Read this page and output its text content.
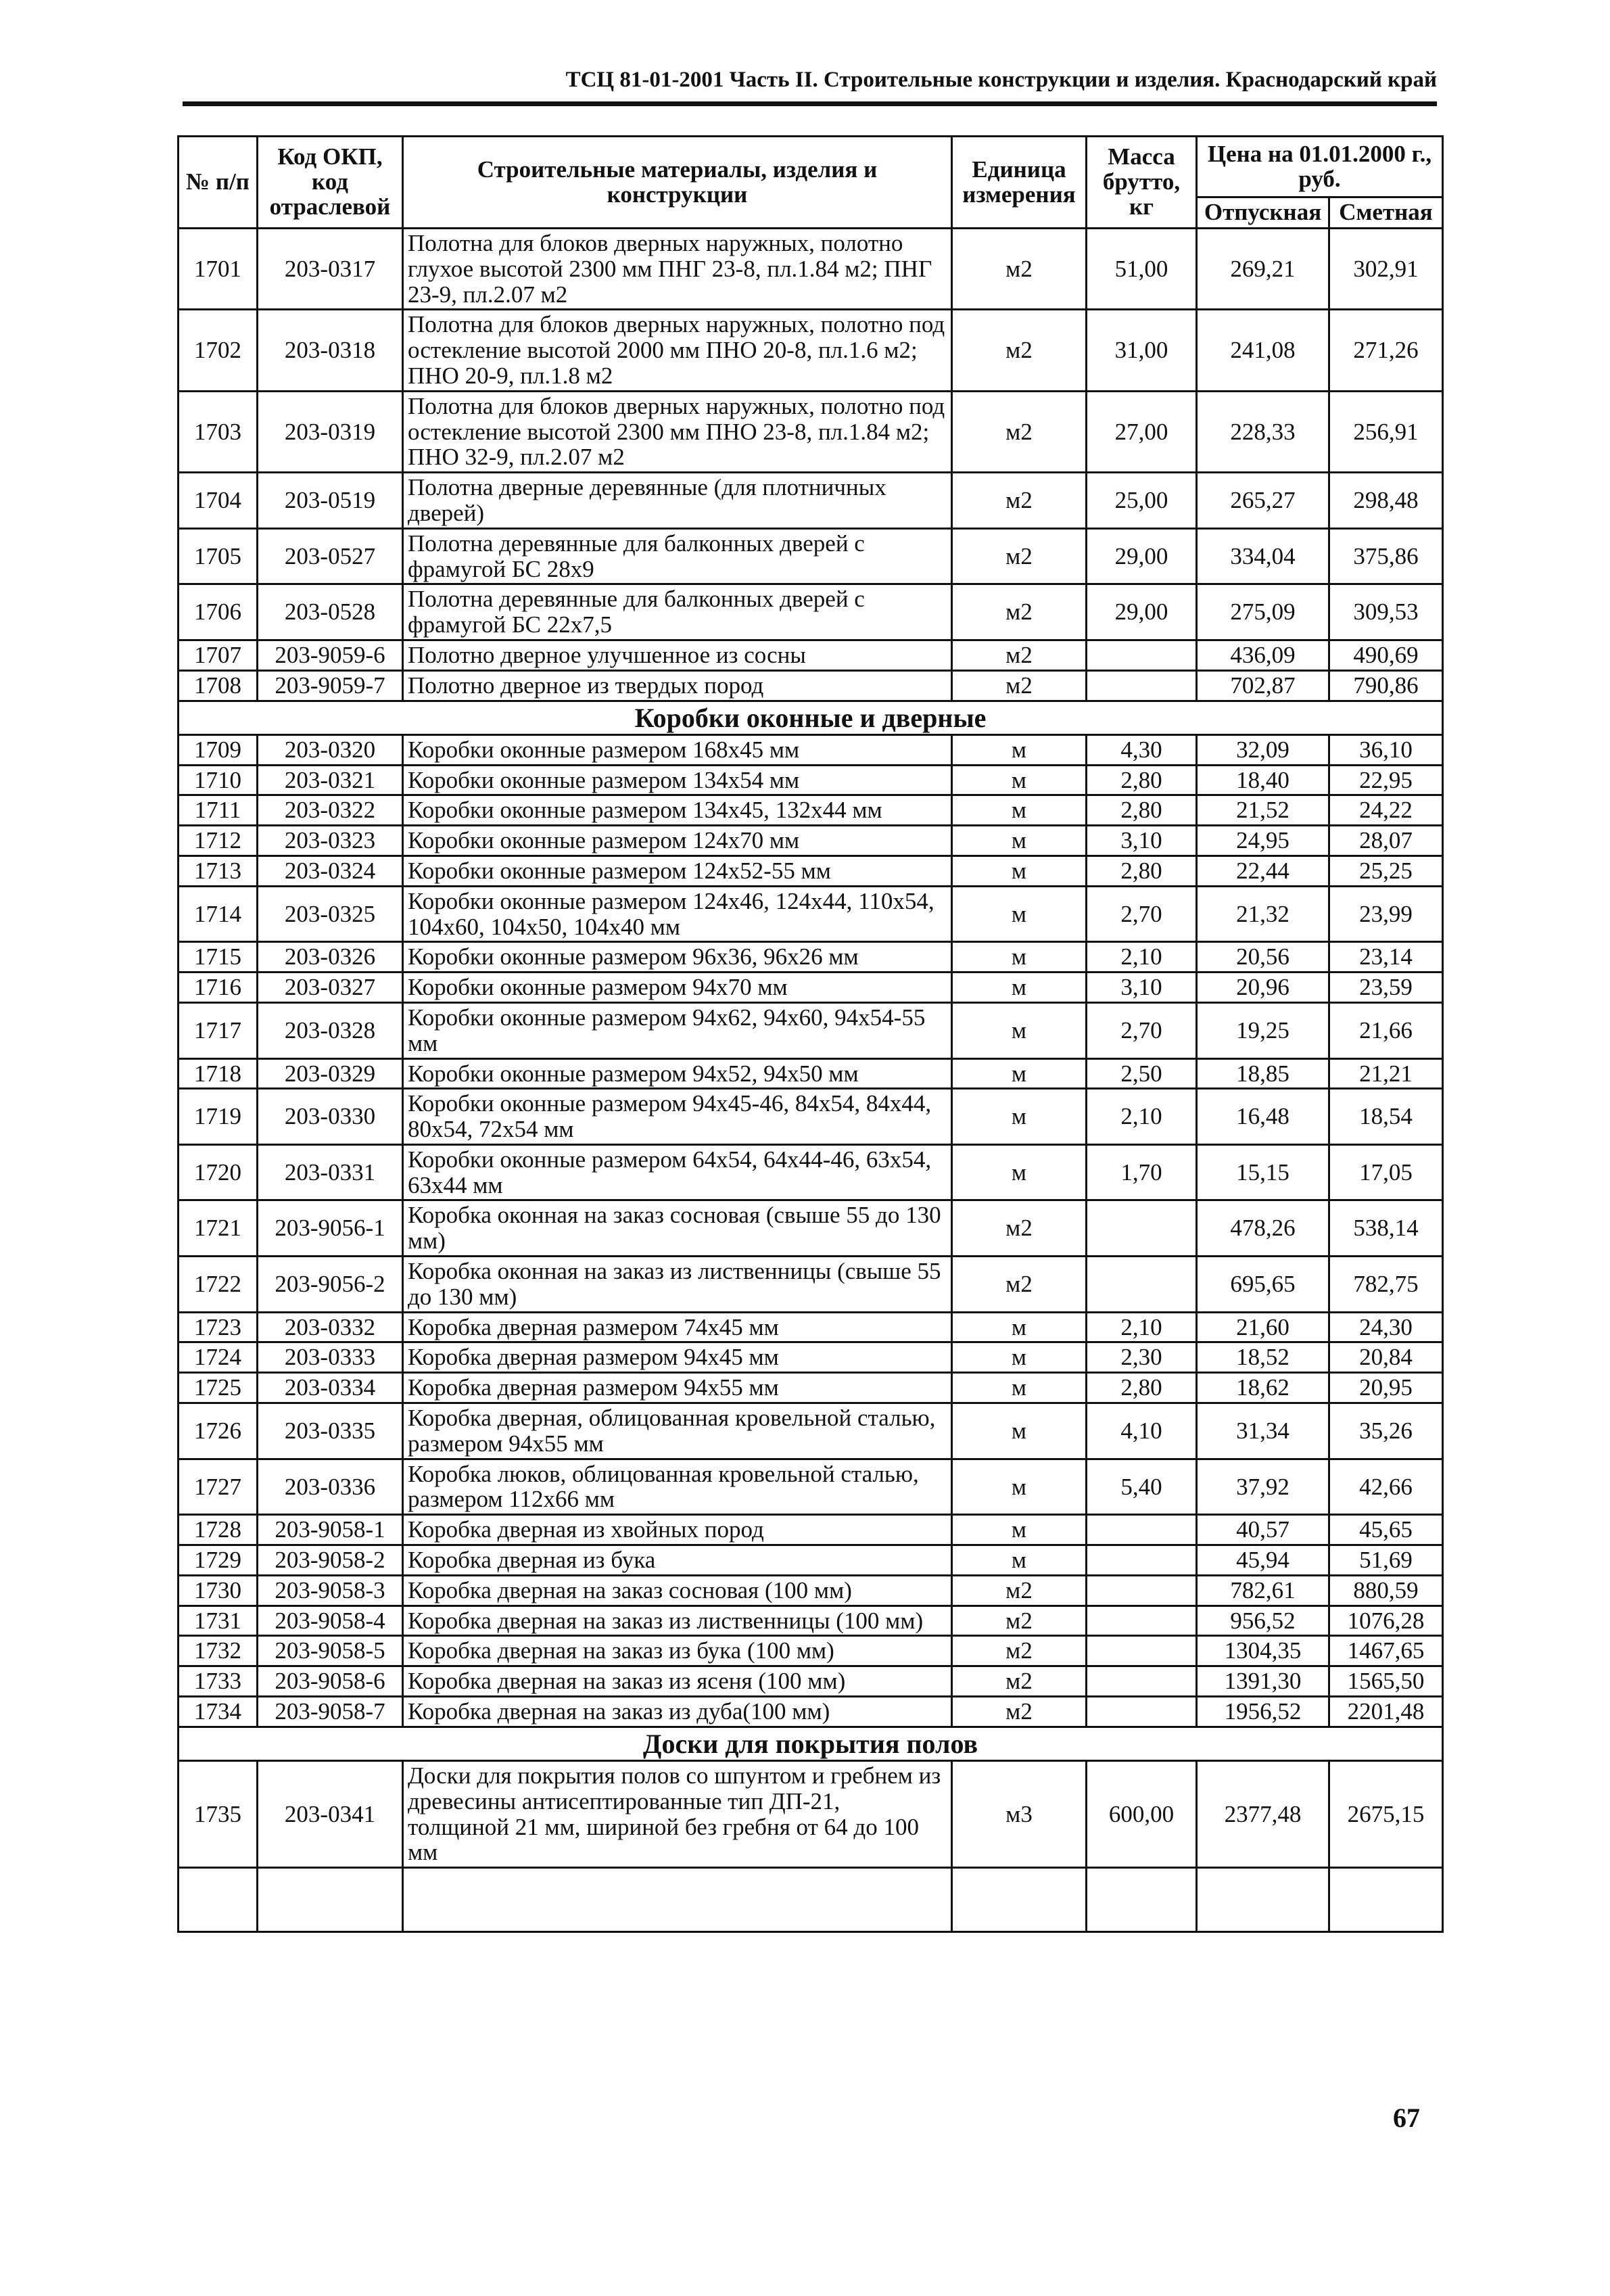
ТСЦ 81-01-2001 Часть II. Строительные конструкции и изделия. Краснодарский край
№ п/п	Код ОКП, код отраслевой	Строительные материалы, изделия и конструкции	Единица измерения	Масса брутто, кг	Цена на 01.01.2000 г., руб.	
					Отпускная	Сметная
1701	203-0317	Полотна для блоков дверных наружных, полотно глухое высотой 2300 мм ПНГ 23-8, пл.1.84 м2; ПНГ 23-9, пл.2.07 м2	м2	51,00	269,21	302,91
1702	203-0318	Полотна для блоков дверных наружных, полотно под остекление высотой 2000 мм ПНО 20-8, пл.1.6 м2; ПНО 20-9, пл.1.8 м2	м2	31,00	241,08	271,26
1703	203-0319	Полотна для блоков дверных наружных, полотно под остекление высотой 2300 мм ПНО 23-8, пл.1.84 м2; ПНО 32-9, пл.2.07 м2	м2	27,00	228,33	256,91
1704	203-0519	Полотна дверные деревянные (для плотничных дверей)	м2	25,00	265,27	298,48
1705	203-0527	Полотна деревянные для балконных дверей с фрамугой БС 28х9	м2	29,00	334,04	375,86
1706	203-0528	Полотна деревянные для балконных дверей с фрамугой БС 22х7,5	м2	29,00	275,09	309,53
1707	203-9059-6	Полотно дверное улучшенное из сосны	м2		436,09	490,69
1708	203-9059-7	Полотно дверное из твердых пород	м2		702,87	790,86
Коробки оконные и дверные						
1709	203-0320	Коробки оконные размером 168х45 мм	м	4,30	32,09	36,10
1710	203-0321	Коробки оконные размером 134х54 мм	м	2,80	18,40	22,95
1711	203-0322	Коробки оконные размером 134х45, 132х44 мм	м	2,80	21,52	24,22
1712	203-0323	Коробки оконные размером 124х70 мм	м	3,10	24,95	28,07
1713	203-0324	Коробки оконные размером 124х52-55 мм	м	2,80	22,44	25,25
1714	203-0325	Коробки оконные размером 124х46, 124х44, 110х54, 104х60, 104х50, 104х40 мм	м	2,70	21,32	23,99
1715	203-0326	Коробки оконные размером 96х36, 96х26 мм	м	2,10	20,56	23,14
1716	203-0327	Коробки оконные размером 94х70 мм	м	3,10	20,96	23,59
1717	203-0328	Коробки оконные размером 94х62, 94х60, 94х54-55 мм	м	2,70	19,25	21,66
1718	203-0329	Коробки оконные размером 94х52, 94х50 мм	м	2,50	18,85	21,21
1719	203-0330	Коробки оконные размером 94х45-46, 84х54, 84х44, 80х54, 72х54 мм	м	2,10	16,48	18,54
1720	203-0331	Коробки оконные размером 64х54, 64х44-46, 63х54, 63х44 мм	м	1,70	15,15	17,05
1721	203-9056-1	Коробка оконная на заказ сосновая (свыше 55 до 130 мм)	м2		478,26	538,14
1722	203-9056-2	Коробка оконная на заказ из лиственницы (свыше 55 до 130 мм)	м2		695,65	782,75
1723	203-0332	Коробка дверная размером 74х45 мм	м	2,10	21,60	24,30
1724	203-0333	Коробка дверная размером 94х45 мм	м	2,30	18,52	20,84
1725	203-0334	Коробка дверная размером 94х55 мм	м	2,80	18,62	20,95
1726	203-0335	Коробка дверная, облицованная кровельной сталью, размером 94х55 мм	м	4,10	31,34	35,26
1727	203-0336	Коробка люков, облицованная кровельной сталью, размером 112х66 мм	м	5,40	37,92	42,66
1728	203-9058-1	Коробка дверная из хвойных пород	м		40,57	45,65
1729	203-9058-2	Коробка дверная из бука	м		45,94	51,69
1730	203-9058-3	Коробка дверная на заказ сосновая (100 мм)	м2		782,61	880,59
1731	203-9058-4	Коробка дверная на заказ из лиственницы (100 мм)	м2		956,52	1076,28
1732	203-9058-5	Коробка дверная на заказ из бука (100 мм)	м2		1304,35	1467,65
1733	203-9058-6	Коробка дверная на заказ из ясеня (100 мм)	м2		1391,30	1565,50
1734	203-9058-7	Коробка дверная на заказ из дуба(100 мм)	м2		1956,52	2201,48
Доски для покрытия полов						
1735	203-0341	Доски для покрытия полов со шпунтом и гребнем из древесины антисептированные тип ДП-21, толщиной 21 мм, шириной без гребня от 64 до 100 мм	м3	600,00	2377,48	2675,15

67
